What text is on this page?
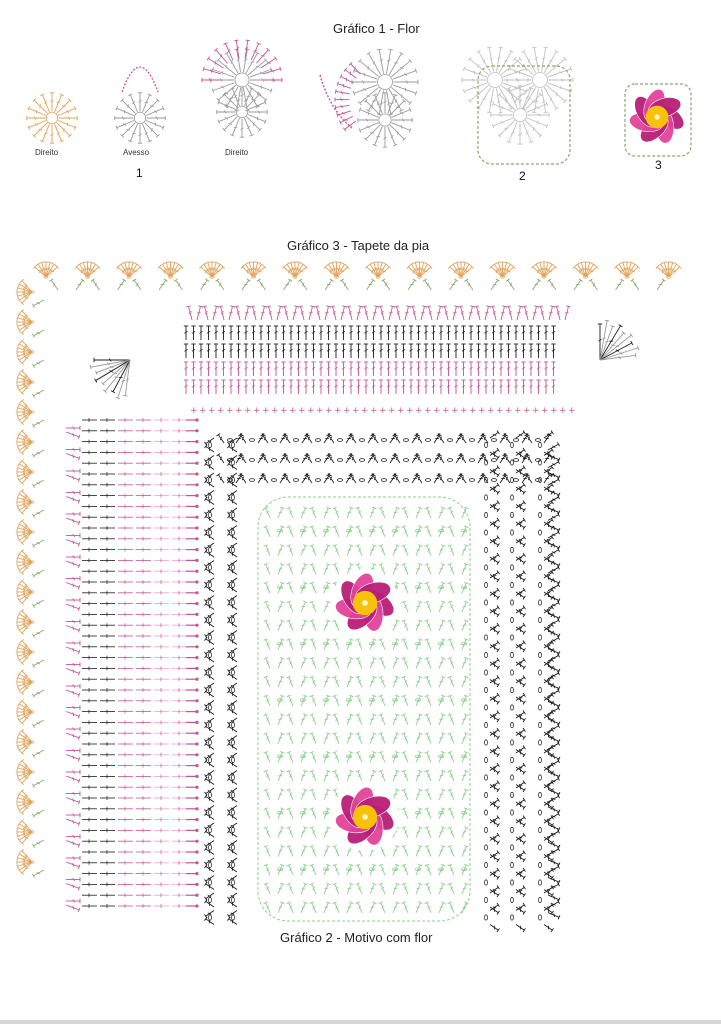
+ + + + + + + + + + + + + + + + + + + + + + + + + + + + + + + + + + + + + + + + + + +
Gráfico 1 - Flor
Direito	Avesso	Direito
1	2
3
Gráfico 3 - Tapete da pia
Gráfico 2 - Motivo com flor
